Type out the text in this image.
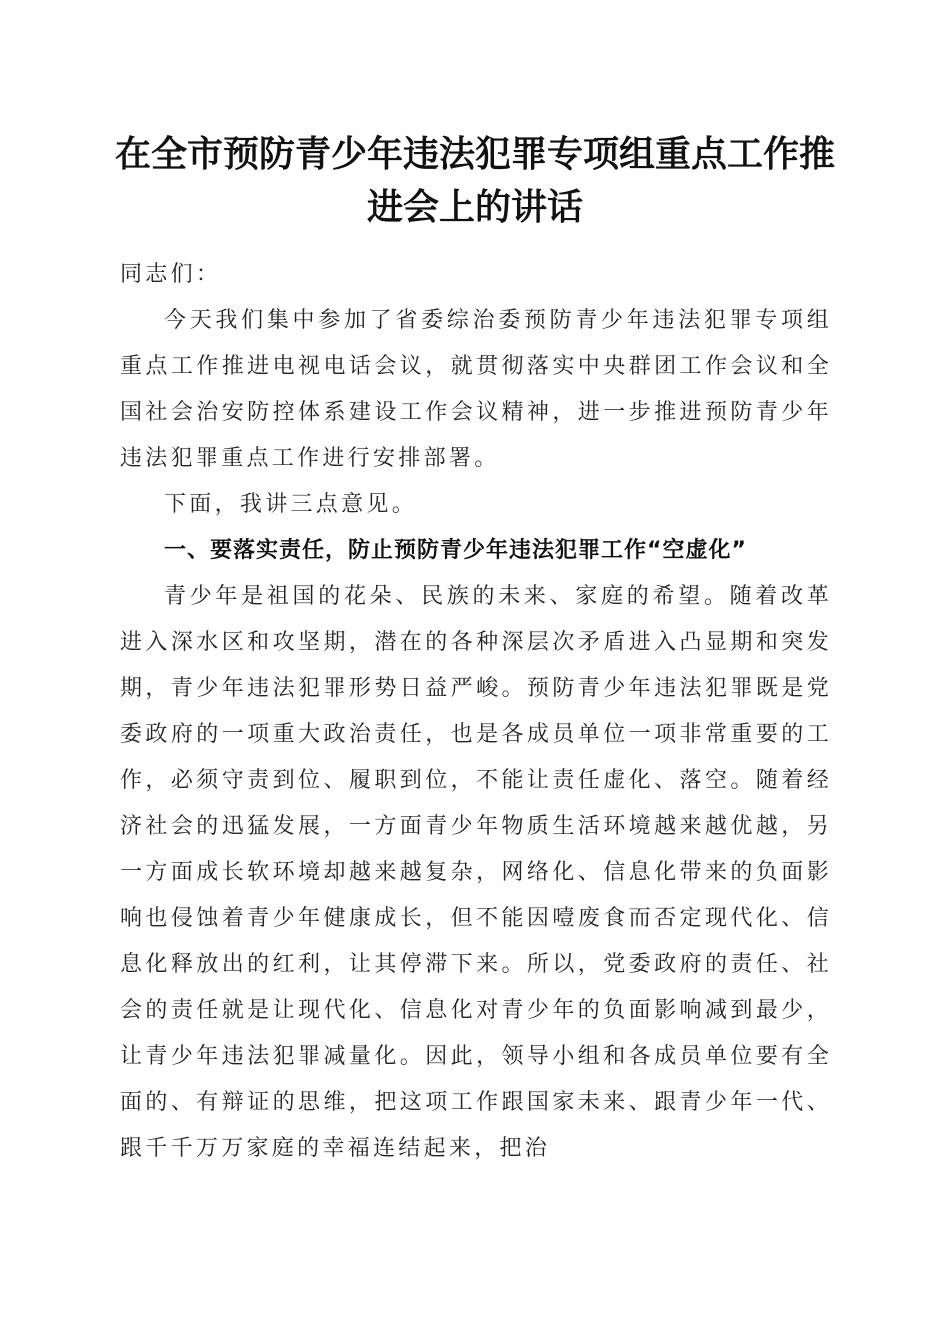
在全市预防青少年违法犯罪专项组重点工作推
进会上的讲话

同志们：

今天我们集中参加了省委综治委预防青少年违法犯罪专项组重点工作推进电视电话会议，就贯彻落实中央群团工作会议和全国社会治安防控体系建设工作会议精神，进一步推进预防青少年违法犯罪重点工作进行安排部署。

下面，我讲三点意见。

一、要落实责任，防止预防青少年违法犯罪工作“空虚化”

青少年是祖国的花朵、民族的未来、家庭的希望。随着改革进入深水区和攻坚期，潜在的各种深层次矛盾进入凸显期和突发期，青少年违法犯罪形势日益严峻。预防青少年违法犯罪既是党委政府的一项重大政治责任，也是各成员单位一项非常重要的工作，必须守责到位、履职到位，不能让责任虚化、落空。随着经济社会的迅猛发展，一方面青少年物质生活环境越来越优越，另一方面成长软环境却越来越复杂，网络化、信息化带来的负面影响也侵蚀着青少年健康成长，但不能因噎废食而否定现代化、信息化释放出的红利，让其停滞下来。所以，党委政府的责任、社会的责任就是让现代化、信息化对青少年的负面影响减到最少，让青少年违法犯罪减量化。因此，领导小组和各成员单位要有全面的、有辩证的思维，把这项工作跟国家未来、跟青少年一代、跟千千万万家庭的幸福连结起来，把治
